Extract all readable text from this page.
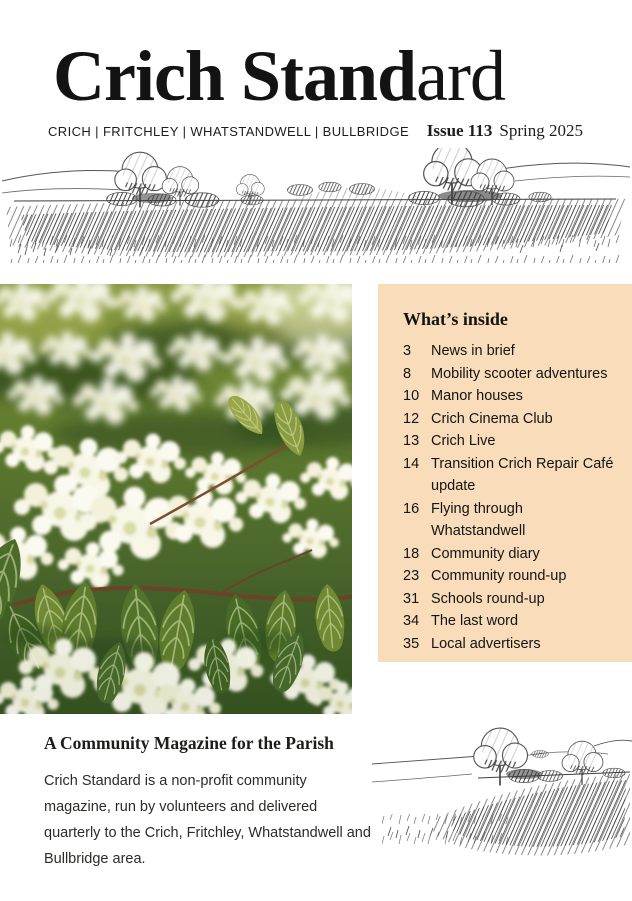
Crich Standard
CRICH | FRITCHLEY | WHATSTANDWELL | BULLBRIDGE Issue 113 Spring 2025
What’s inside
3	News in brief
8	Mobility scooter adventures
10 Manor houses
12 Crich Cinema Club
13 Crich Live
14 Transition Crich Repair Café update
16 Flying through Whatstandwell
18 Community diary
23 Community round-up
31 Schools round-up
34 The last word
35 Local advertisers
A Community Magazine for the Parish

Crich Standard is a non-profit community magazine, run by volunteers and delivered quarterly to the Crich, Fritchley, Whatstandwell and Bullbridge area.
